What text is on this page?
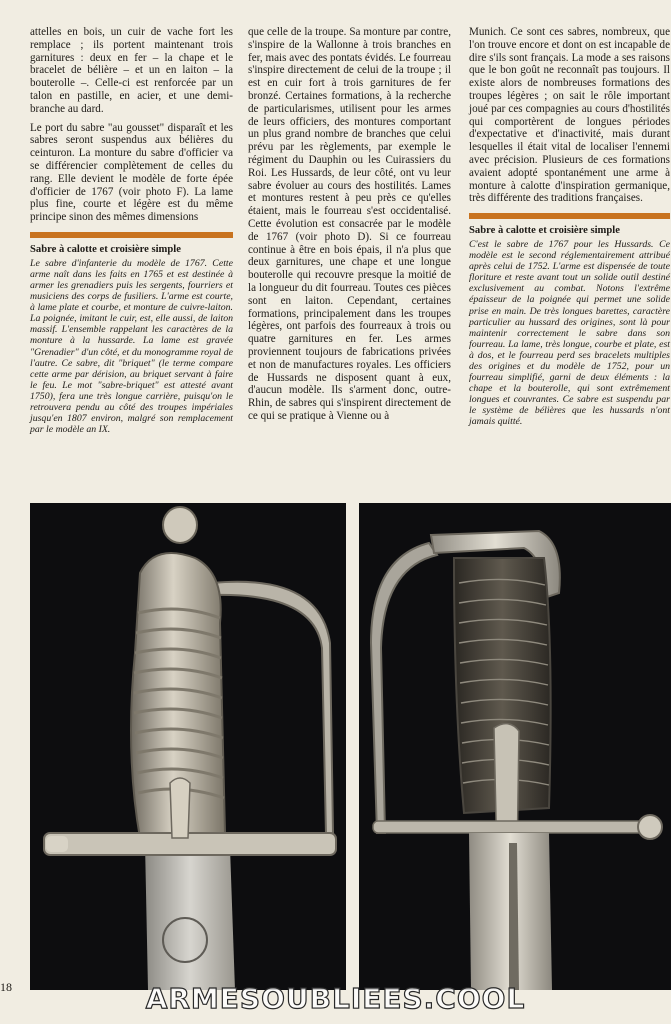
attelles en bois, un cuir de vache fort les remplace ; ils portent maintenant trois garnitures : deux en fer – la chape et le bracelet de bélière – et un en laiton – la bouterolle –. Celle-ci est renforcée par un talon en pastille, en acier, et une demi-branche au dard.

Le port du sabre "au gousset" disparaît et les sabres seront suspendus aux bélières du ceinturon. La monture du sabre d'officier va se différencier complètement de celles du rang. Elle devient le modèle de forte épée d'officier de 1767 (voir photo F). La lame plus fine, courte et légère est du même principe sinon des mêmes dimensions

Sabre à calotte et croisière simple

Le sabre d'infanterie du modèle de 1767. Cette arme naît dans les faits en 1765 et est destinée à armer les grenadiers puis les sergents, fourriers et musiciens des corps de fusiliers. L'arme est courte, à lame plate et courbe, et monture de cuivre-laiton. La poignée, imitant le cuir, est, elle aussi, de laiton massif. L'ensemble rappelant les caractères de la monture à la hussarde. La lame est gravée "Grenadier" d'un côté, et du monogramme royal de l'autre. Ce sabre, dit "briquet" (le terme compare cette arme par dérision, au briquet servant à faire le feu. Le mot "sabre-briquet" est attesté avant 1750), fera une très longue carrière, puisqu'on le retrouvera pendu au côté des troupes impériales jusqu'en 1807 environ, malgré son remplacement par le modèle an IX.

que celle de la troupe. Sa monture par contre, s'inspire de la Wallonne à trois branches en fer, mais avec des pontats évidés. Le fourreau s'inspire directement de celui de la troupe ; il est en cuir fort à trois garnitures de fer bronzé. Certaines formations, à la recherche de particularismes, utilisent pour les armes de leurs officiers, des montures comportant un plus grand nombre de branches que celui prévu par les règlements, par exemple le régiment du Dauphin ou les Cuirassiers du Roi. Les Hussards, de leur côté, ont vu leur sabre évoluer au cours des hostilités. Lames et montures restent à peu près ce qu'elles étaient, mais le fourreau s'est occidentalisé. Cette évolution est consacrée par le modèle de 1767 (voir photo D). Si ce fourreau continue à être en bois épais, il n'a plus que deux garnitures, une chape et une longue bouterolle qui recouvre presque la moitié de la longueur du dit fourreau. Toutes ces pièces sont en laiton. Cependant, certaines formations, principalement dans les troupes légères, ont parfois des fourreaux à trois ou quatre garnitures en fer. Les armes proviennent toujours de fabrications privées et non de manufactures royales. Les officiers de Hussards ne disposent quant à eux, d'aucun modèle. Ils s'arment donc, outre-Rhin, de sabres qui s'inspirent directement de ce qui se pratique à Vienne ou à

Munich. Ce sont ces sabres, nombreux, que l'on trouve encore et dont on est incapable de dire s'ils sont français. La mode a ses raisons que le bon goût ne reconnaît pas toujours. Il existe alors de nombreuses formations des troupes légères ; on sait le rôle important joué par ces compagnies au cours d'hostilités qui comportèrent de longues périodes d'expectative et d'inactivité, mais durant lesquelles il était vital de localiser l'ennemi avec précision. Plusieurs de ces formations avaient adopté spontanément une arme à monture à calotte d'inspiration germanique, très différente des traditions françaises.

Sabre à calotte et croisière simple

C'est le sabre de 1767 pour les Hussards. Ce modèle est le second réglementairement attribué après celui de 1752. L'arme est dispensée de toute floriture et reste avant tout un solide outil destiné exclusivement au combat. Notons l'extrême épaisseur de la poignée qui permet une solide prise en main. De très longues barettes, caractère particulier au hussard des origines, sont là pour maintenir correctement le sabre dans son fourreau. La lame, très longue, courbe et plate, est à dos, et le fourreau perd ses bracelets multiples des origines et du modèle de 1752, pour un fourreau simplifié, garni de deux éléments : la chape et la bouterolle, qui sont extrêmement longues et couvrantes. Ce sabre est suspendu par le système de bélières que les hussards n'ont jamais quitté.

18	ARMESOUBLIEES.COOL
